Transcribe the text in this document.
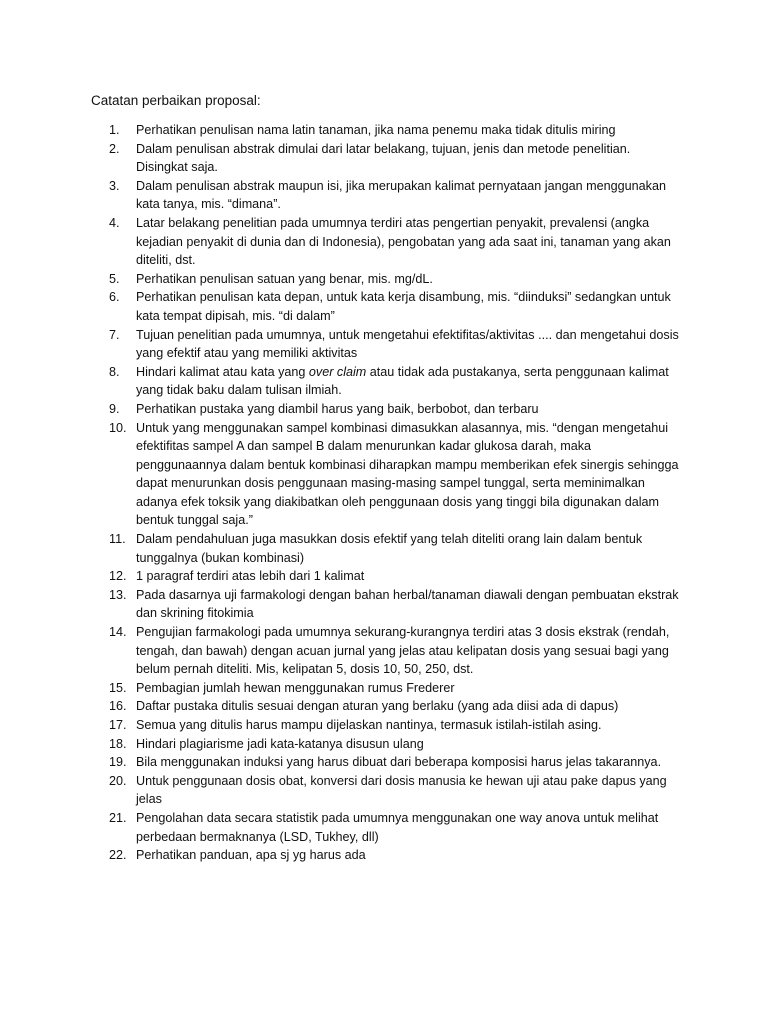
Catatan perbaikan proposal:
1.	Perhatikan penulisan nama latin tanaman, jika nama penemu maka tidak ditulis miring
2.	Dalam penulisan abstrak dimulai dari latar belakang, tujuan, jenis dan metode penelitian. Disingkat saja.
3.	Dalam penulisan abstrak maupun isi, jika merupakan kalimat pernyataan jangan menggunakan kata tanya, mis. “dimana”.
4.	Latar belakang penelitian pada umumnya terdiri atas pengertian penyakit, prevalensi (angka kejadian penyakit di dunia dan di Indonesia), pengobatan yang ada saat ini, tanaman yang akan diteliti, dst.
5.	Perhatikan penulisan satuan yang benar, mis. mg/dL.
6.	Perhatikan penulisan kata depan, untuk kata kerja disambung, mis. “diinduksi” sedangkan untuk kata tempat dipisah, mis. “di dalam”
7.	Tujuan penelitian pada umumnya, untuk mengetahui efektifitas/aktivitas .... dan mengetahui dosis yang efektif atau yang memiliki aktivitas
8.	Hindari kalimat atau kata yang over claim atau tidak ada pustakanya, serta penggunaan kalimat yang tidak baku dalam tulisan ilmiah.
9.	Perhatikan pustaka yang diambil harus yang baik, berbobot, dan terbaru
10. Untuk yang menggunakan sampel kombinasi dimasukkan alasannya, mis. “dengan mengetahui efektifitas sampel A dan sampel B dalam menurunkan kadar glukosa darah, maka penggunaannya dalam bentuk kombinasi diharapkan mampu memberikan efek sinergis sehingga dapat menurunkan dosis penggunaan masing-masing sampel tunggal, serta meminimalkan adanya efek toksik yang diakibatkan oleh penggunaan dosis yang tinggi bila digunakan dalam bentuk tunggal saja.”
11. Dalam pendahuluan juga masukkan dosis efektif yang telah diteliti orang lain dalam bentuk tunggalnya (bukan kombinasi)
12. 1 paragraf terdiri atas lebih dari 1 kalimat
13. Pada dasarnya uji farmakologi dengan bahan herbal/tanaman diawali dengan pembuatan ekstrak dan skrining fitokimia
14. Pengujian farmakologi pada umumnya sekurang-kurangnya terdiri atas 3 dosis ekstrak (rendah, tengah, dan bawah) dengan acuan jurnal yang jelas atau kelipatan dosis yang sesuai bagi yang belum pernah diteliti. Mis, kelipatan 5, dosis 10, 50, 250, dst.
15. Pembagian jumlah hewan menggunakan rumus Frederer
16. Daftar pustaka ditulis sesuai dengan aturan yang berlaku (yang ada diisi ada di dapus)
17. Semua yang ditulis harus mampu dijelaskan nantinya, termasuk istilah-istilah asing.
18. Hindari plagiarisme jadi kata-katanya disusun ulang
19. Bila menggunakan induksi yang harus dibuat dari beberapa komposisi harus jelas takarannya.
20. Untuk penggunaan dosis obat, konversi dari dosis manusia ke hewan uji atau pake dapus yang jelas
21. Pengolahan data secara statistik pada umumnya menggunakan one way anova untuk melihat perbedaan bermaknanya (LSD, Tukhey, dll)
22. Perhatikan panduan, apa sj yg harus ada
